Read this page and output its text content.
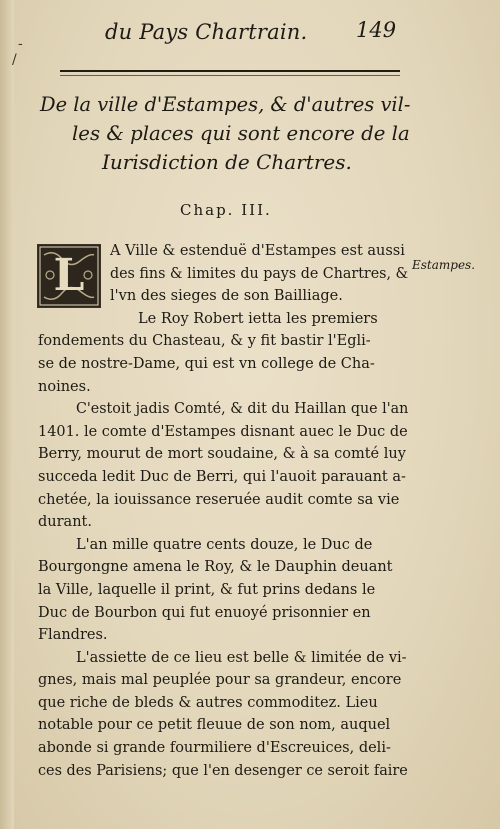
-
/
du Pays Chartrain. 149
De la ville d'Estampes, & d'autres vil-
les & places qui sont encore de la
Iurisdiction de Chartres.
Chap. III.
L	Estampes.
A Ville & estenduë d'Estampes est aussi
des fins & limites du pays de Chartres, &
l'vn des sieges de son Bailliage.
Le Roy Robert ietta les premiers
fondements du Chasteau, & y fit bastir l'Egli-
se de nostre-Dame, qui est vn college de Cha-
noines.
C'estoit jadis Comté, & dit du Haillan que l'an
1401. le comte d'Estampes disnant auec le Duc de
Berry, mourut de mort soudaine, & à sa comté luy
succeda ledit Duc de Berri, qui l'auoit parauant a-
chetée, la iouissance reseruée audit comte sa vie
durant.
L'an mille quatre cents douze, le Duc de
Bourgongne amena le Roy, & le Dauphin deuant
la Ville, laquelle il print, & fut prins dedans le
Duc de Bourbon qui fut enuoyé prisonnier en
Flandres.
L'assiette de ce lieu est belle & limitée de vi-
gnes, mais mal peuplée pour sa grandeur, encore
que riche de bleds & autres commoditez. Lieu
notable pour ce petit fleuue de son nom, auquel
abonde si grande fourmiliere d'Escreuices, deli-
ces des Parisiens; que l'en desenger ce seroit faire
